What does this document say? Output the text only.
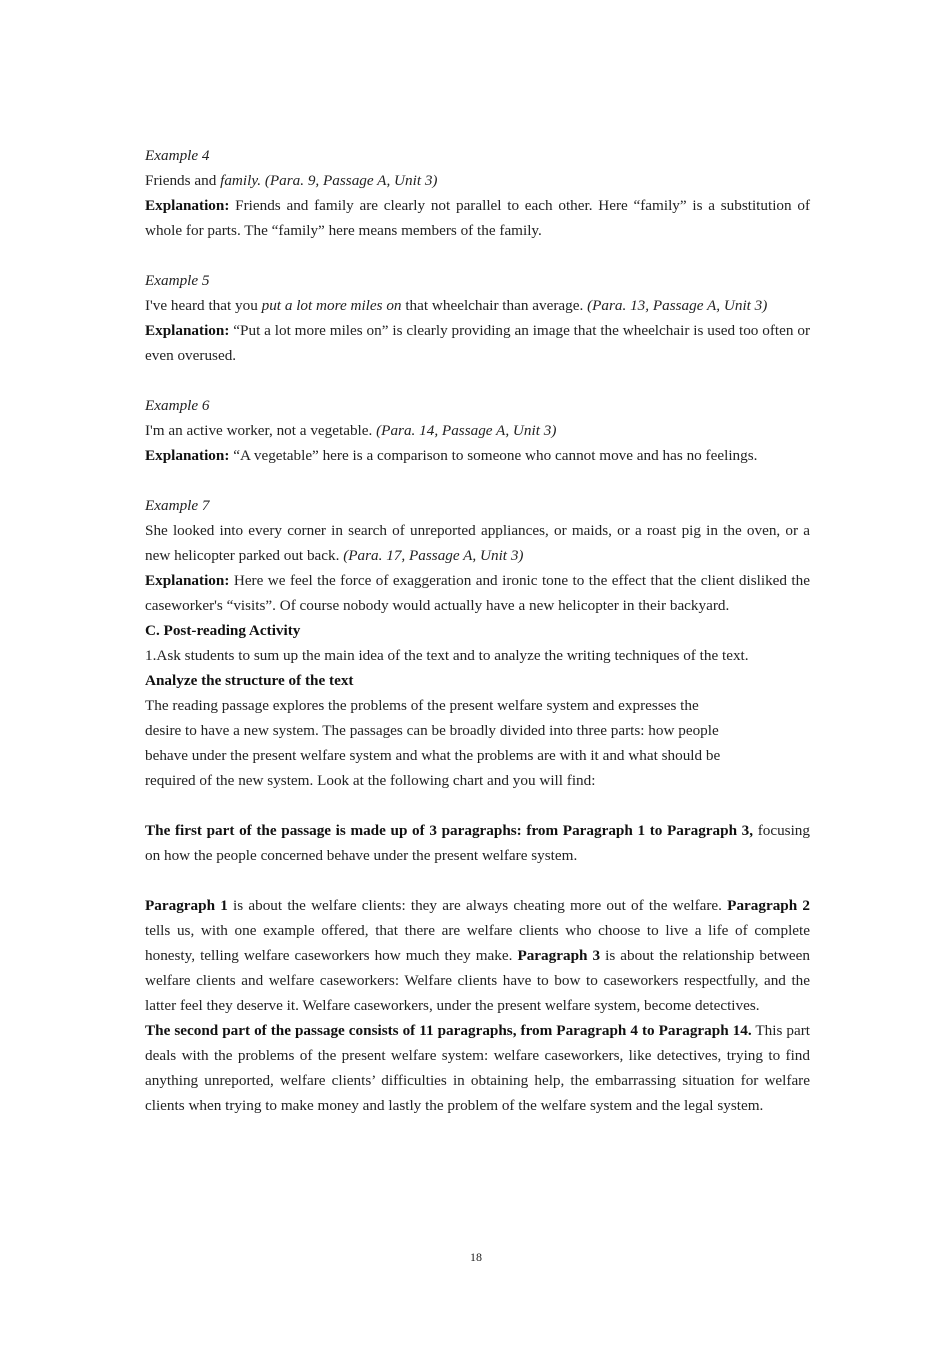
Example 4

Friends and family. (Para. 9, Passage A, Unit 3)

Explanation: Friends and family are clearly not parallel to each other. Here “family” is a substitution of whole for parts. The “family” here means members of the family.

Example 5

I've heard that you put a lot more miles on that wheelchair than average. (Para. 13, Passage A, Unit 3)

Explanation: “Put a lot more miles on” is clearly providing an image that the wheelchair is used too often or even overused.

Example 6

I'm an active worker, not a vegetable. (Para. 14, Passage A, Unit 3)

Explanation: “A vegetable” here is a comparison to someone who cannot move and has no feelings.

Example 7

She looked into every corner in search of unreported appliances, or maids, or a roast pig in the oven, or a new helicopter parked out back. (Para. 17, Passage A, Unit 3)

Explanation: Here we feel the force of exaggeration and ironic tone to the effect that the client disliked the caseworker's “visits”. Of course nobody would actually have a new helicopter in their backyard.

C. Post-reading Activity

1.Ask students to sum up the main idea of the text and to analyze the writing techniques of the text.

Analyze the structure of the text

The reading passage explores the problems of the present welfare system and expresses the

desire to have a new system. The passages can be broadly divided into three parts: how people

behave under the present welfare system and what the problems are with it and what should be

required of the new system. Look at the following chart and you will find:

The first part of the passage is made up of 3 paragraphs: from Paragraph 1 to Paragraph 3, focusing on how the people concerned behave under the present welfare system.

Paragraph 1 is about the welfare clients: they are always cheating more out of the welfare. Paragraph 2 tells us, with one example offered, that there are welfare clients who choose to live a life of complete honesty, telling welfare caseworkers how much they make. Paragraph 3 is about the relationship between welfare clients and welfare caseworkers: Welfare clients have to bow to caseworkers respectfully, and the latter feel they deserve it. Welfare caseworkers, under the present welfare system, become detectives.

The second part of the passage consists of 11 paragraphs, from Paragraph 4 to Paragraph 14. This part deals with the problems of the present welfare system: welfare caseworkers, like detectives, trying to find anything unreported, welfare clients’ difficulties in obtaining help, the embarrassing situation for welfare clients when trying to make money and lastly the problem of the welfare system and the legal system.

18
